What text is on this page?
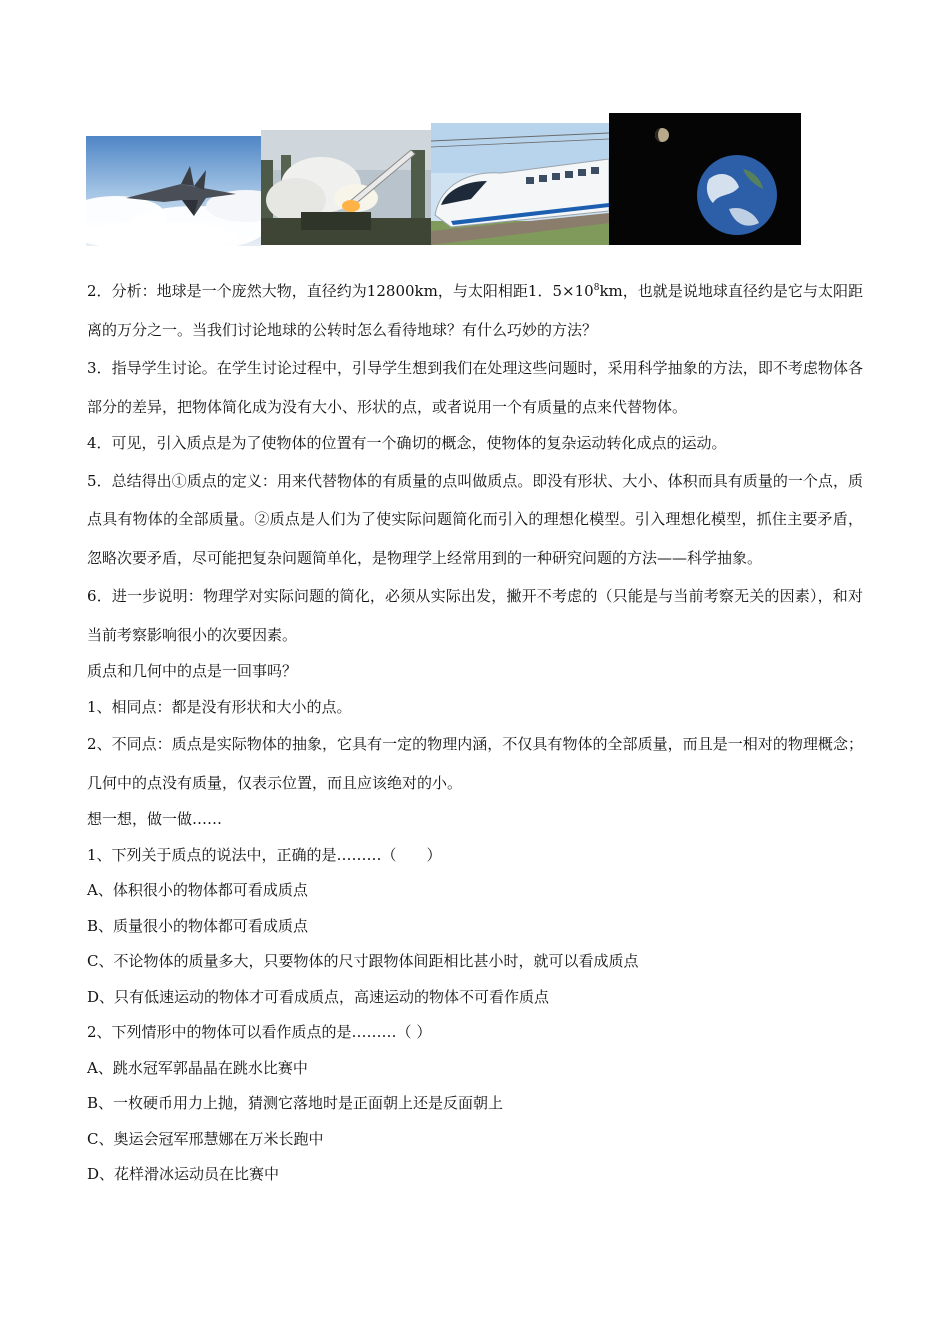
2．分析：地球是一个庞然大物，直径约为12800km，与太阳相距1．$5\times 10^8km$，也就是说地球直径约是它与太阳距离的万分之一。当我们讨论地球的公转时怎么看待地球？有什么巧妙的方法？

3．指导学生讨论。在学生讨论过程中，引导学生想到我们在处理这些问题时，采用科学抽象的方法，即不考虑物体各部分的差异，把物体简化成为没有大小、形状的点，或者说用一个有质量的点来代替物体。

4．可见，引入质点是为了使物体的位置有一个确切的概念，使物体的复杂运动转化成点的运动。

5．总结得出①质点的定义：用来代替物体的有质量的点叫做质点。即没有形状、大小、体积而具有质量的一个点，质点具有物体的全部质量。②质点是人们为了使实际问题简化而引入的理想化模型。引入理想化模型，抓住主要矛盾，忽略次要矛盾，尽可能把复杂问题简单化，是物理学上经常用到的一种研究问题的方法——科学抽象。

6．进一步说明：物理学对实际问题的简化，必须从实际出发，撇开不考虑的（只能是与当前考察无关的因素），和对当前考察影响很小的次要因素。

质点和几何中的点是一回事吗？

1、相同点：都是没有形状和大小的点。

2、不同点：质点是实际物体的抽象，它具有一定的物理内涵，不仅具有物体的全部质量，而且是一相对的物理概念；几何中的点没有质量，仅表示位置，而且应该绝对的小。

想一想，做一做……

1、下列关于质点的说法中，正确的是………（　　）

A、体积很小的物体都可看成质点

B、质量很小的物体都可看成质点

C、不论物体的质量多大，只要物体的尺寸跟物体间距相比甚小时，就可以看成质点

D、只有低速运动的物体才可看成质点，高速运动的物体不可看作质点

2、下列情形中的物体可以看作质点的是………（ ）

A、跳水冠军郭晶晶在跳水比赛中

B、一枚硬币用力上抛，猜测它落地时是正面朝上还是反面朝上

C、奥运会冠军邢慧娜在万米长跑中

D、花样滑冰运动员在比赛中
